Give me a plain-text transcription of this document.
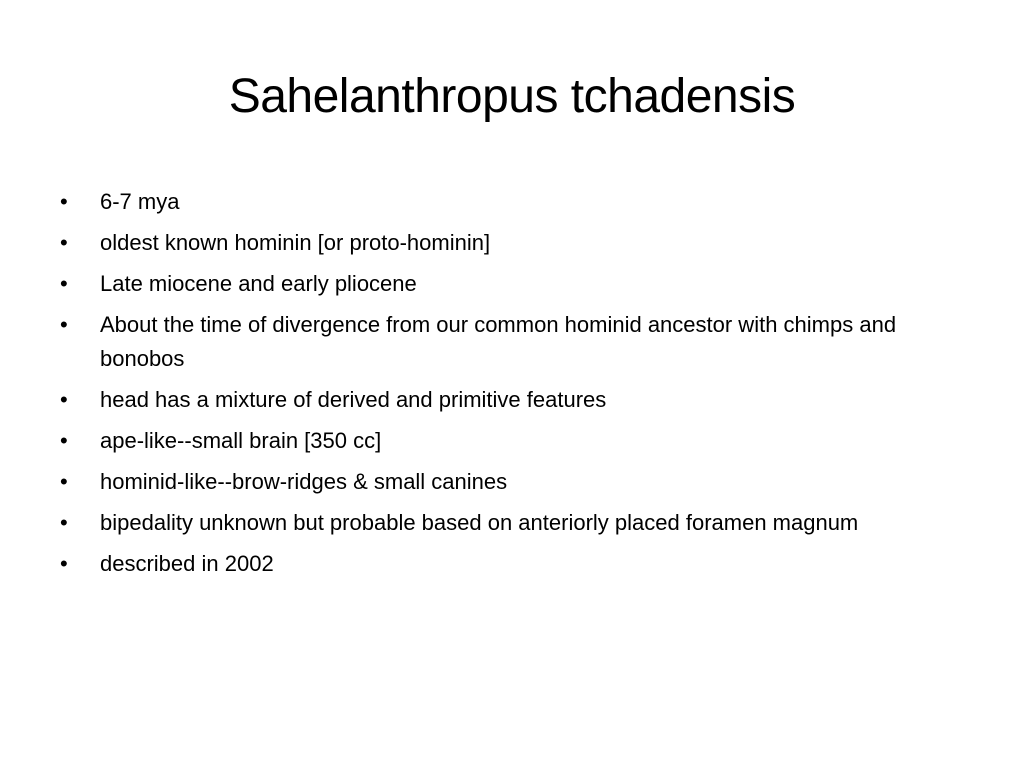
Sahelanthropus tchadensis
• 6-7 mya
• oldest known hominin [or proto-hominin]
• Late miocene and early pliocene
• About the time of divergence from our common hominid ancestor with chimps and bonobos
• head has a mixture of derived and primitive features
• ape-like--small brain [350 cc]
• hominid-like--brow-ridges & small canines
• bipedality unknown but probable based on anteriorly placed foramen magnum
• described in 2002
